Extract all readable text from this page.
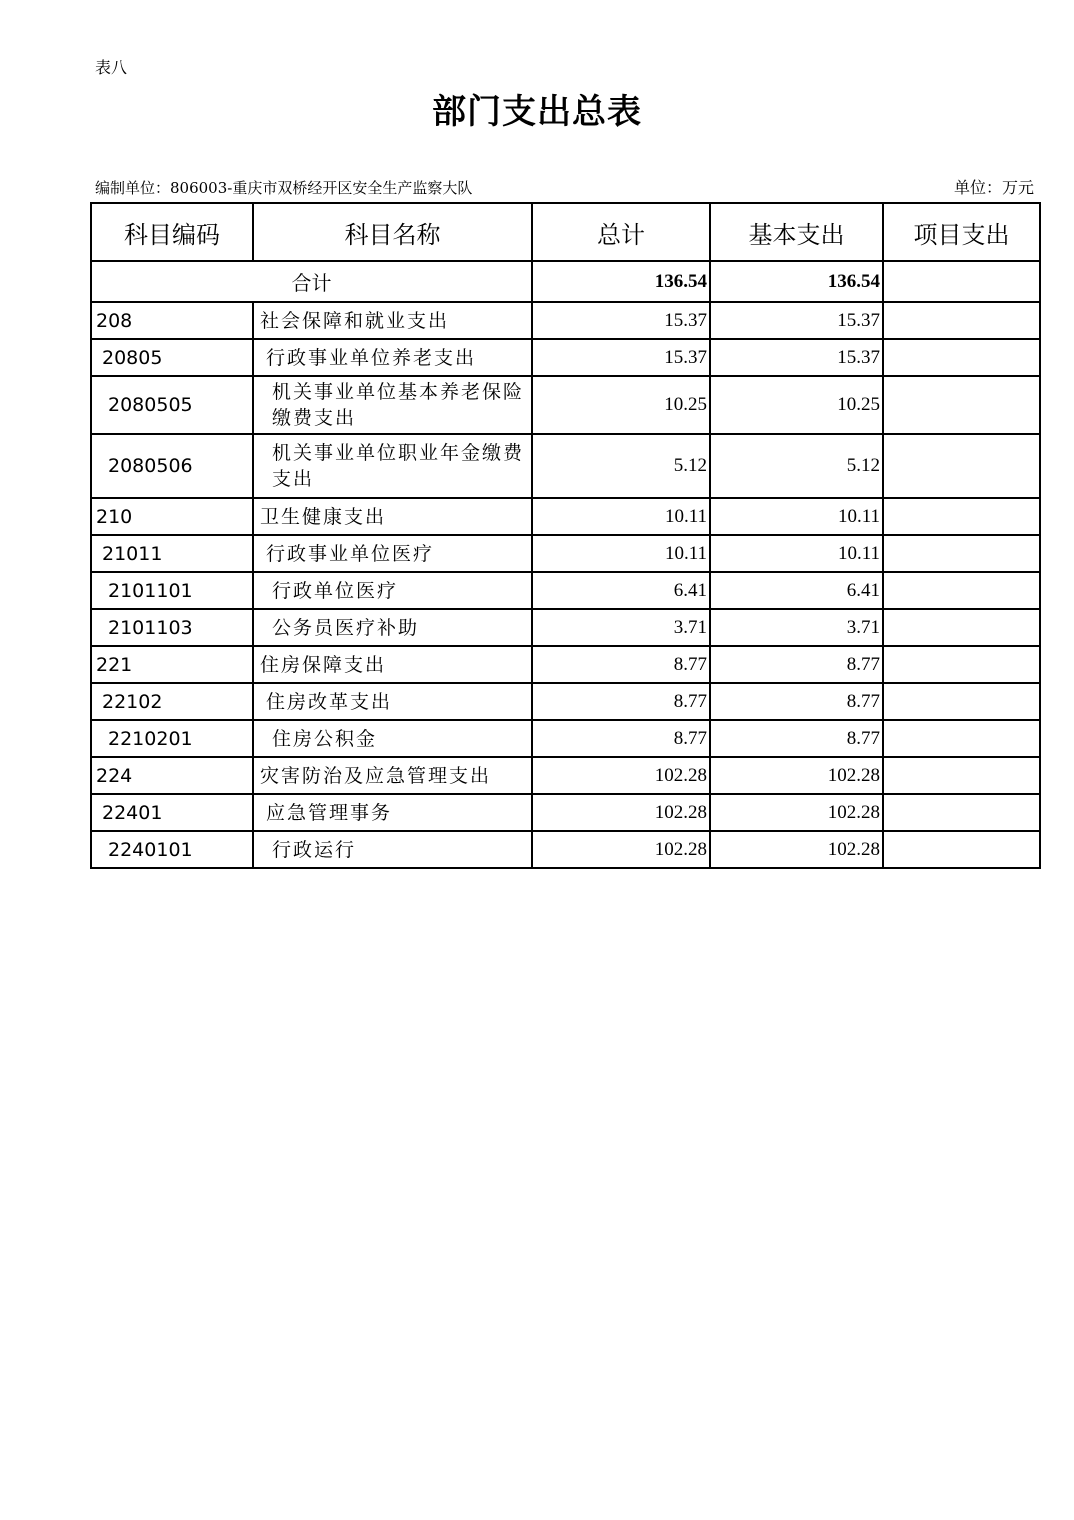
表八
部门支出总表
编制单位：806003-重庆市双桥经开区安全生产监察大队	单位：万元
科目编码	科目名称	总计	基本支出	项目支出
合计		136.54	136.54	
208	社会保障和就业支出	15.37	15.37	
20805	行政事业单位养老支出	15.37	15.37	
2080505	机关事业单位基本养老保险缴费支出	10.25	10.25	
2080506	机关事业单位职业年金缴费支出	5.12	5.12	
210	卫生健康支出	10.11	10.11	
21011	行政事业单位医疗	10.11	10.11	
2101101	行政单位医疗	6.41	6.41	
2101103	公务员医疗补助	3.71	3.71	
221	住房保障支出	8.77	8.77	
22102	住房改革支出	8.77	8.77	
2210201	住房公积金	8.77	8.77	
224	灾害防治及应急管理支出	102.28	102.28	
22401	应急管理事务	102.28	102.28	
2240101	行政运行	102.28	102.28	
